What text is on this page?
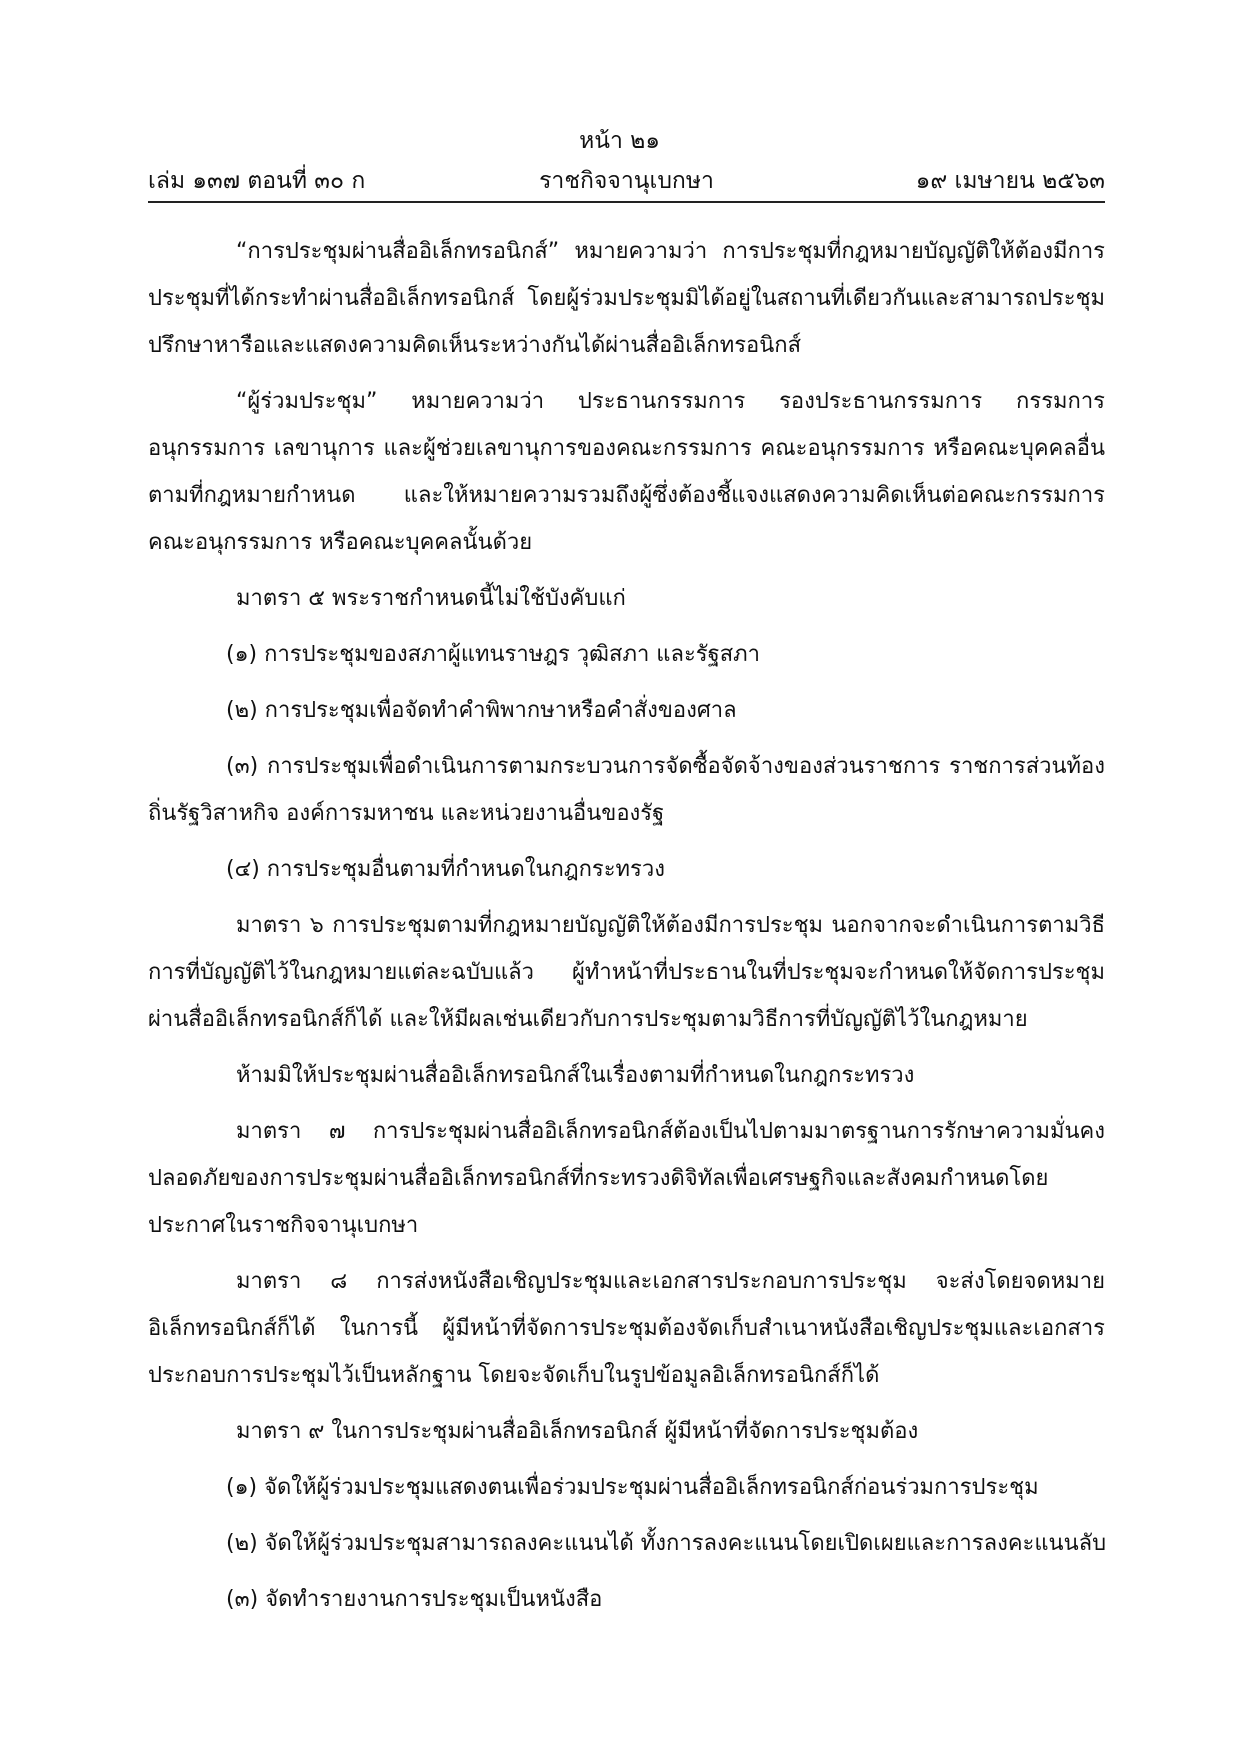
หน้า ๒๑
เล่ม ๑๓๗ ตอนที่ ๓๐ ก	ราชกิจจานุเบกษา	๑๙ เมษายน ๒๕๖๓

“การประชุมผ่านสื่ออิเล็กทรอนิกส์” หมายความว่า การประชุมที่กฎหมายบัญญัติให้ต้องมีการประชุมที่ได้กระทำผ่านสื่ออิเล็กทรอนิกส์ โดยผู้ร่วมประชุมมิได้อยู่ในสถานที่เดียวกันและสามารถประชุมปรึกษาหารือและแสดงความคิดเห็นระหว่างกันได้ผ่านสื่ออิเล็กทรอนิกส์

“ผู้ร่วมประชุม” หมายความว่า ประธานกรรมการ รองประธานกรรมการ กรรมการอนุกรรมการ เลขานุการ และผู้ช่วยเลขานุการของคณะกรรมการ คณะอนุกรรมการ หรือคณะบุคคลอื่นตามที่กฎหมายกำหนด และให้หมายความรวมถึงผู้ซึ่งต้องชี้แจงแสดงความคิดเห็นต่อคณะกรรมการคณะอนุกรรมการ หรือคณะบุคคลนั้นด้วย

มาตรา ๕ พระราชกำหนดนี้ไม่ใช้บังคับแก่

(๑) การประชุมของสภาผู้แทนราษฎร วุฒิสภา และรัฐสภา

(๒) การประชุมเพื่อจัดทำคำพิพากษาหรือคำสั่งของศาล

(๓) การประชุมเพื่อดำเนินการตามกระบวนการจัดซื้อจัดจ้างของส่วนราชการ ราชการส่วนท้องถิ่นรัฐวิสาหกิจ องค์การมหาชน และหน่วยงานอื่นของรัฐ

(๔) การประชุมอื่นตามที่กำหนดในกฎกระทรวง

มาตรา ๖ การประชุมตามที่กฎหมายบัญญัติให้ต้องมีการประชุม นอกจากจะดำเนินการตามวิธีการที่บัญญัติไว้ในกฎหมายแต่ละฉบับแล้ว ผู้ทำหน้าที่ประธานในที่ประชุมจะกำหนดให้จัดการประชุมผ่านสื่ออิเล็กทรอนิกส์ก็ได้ และให้มีผลเช่นเดียวกับการประชุมตามวิธีการที่บัญญัติไว้ในกฎหมาย

ห้ามมิให้ประชุมผ่านสื่ออิเล็กทรอนิกส์ในเรื่องตามที่กำหนดในกฎกระทรวง

มาตรา ๗ การประชุมผ่านสื่ออิเล็กทรอนิกส์ต้องเป็นไปตามมาตรฐานการรักษาความมั่นคงปลอดภัยของการประชุมผ่านสื่ออิเล็กทรอนิกส์ที่กระทรวงดิจิทัลเพื่อเศรษฐกิจและสังคมกำหนดโดยประกาศในราชกิจจานุเบกษา

มาตรา ๘ การส่งหนังสือเชิญประชุมและเอกสารประกอบการประชุม จะส่งโดยจดหมายอิเล็กทรอนิกส์ก็ได้ ในการนี้ ผู้มีหน้าที่จัดการประชุมต้องจัดเก็บสำเนาหนังสือเชิญประชุมและเอกสารประกอบการประชุมไว้เป็นหลักฐาน โดยจะจัดเก็บในรูปข้อมูลอิเล็กทรอนิกส์ก็ได้

มาตรา ๙ ในการประชุมผ่านสื่ออิเล็กทรอนิกส์ ผู้มีหน้าที่จัดการประชุมต้อง

(๑) จัดให้ผู้ร่วมประชุมแสดงตนเพื่อร่วมประชุมผ่านสื่ออิเล็กทรอนิกส์ก่อนร่วมการประชุม

(๒) จัดให้ผู้ร่วมประชุมสามารถลงคะแนนได้ ทั้งการลงคะแนนโดยเปิดเผยและการลงคะแนนลับ

(๓) จัดทำรายงานการประชุมเป็นหนังสือ
